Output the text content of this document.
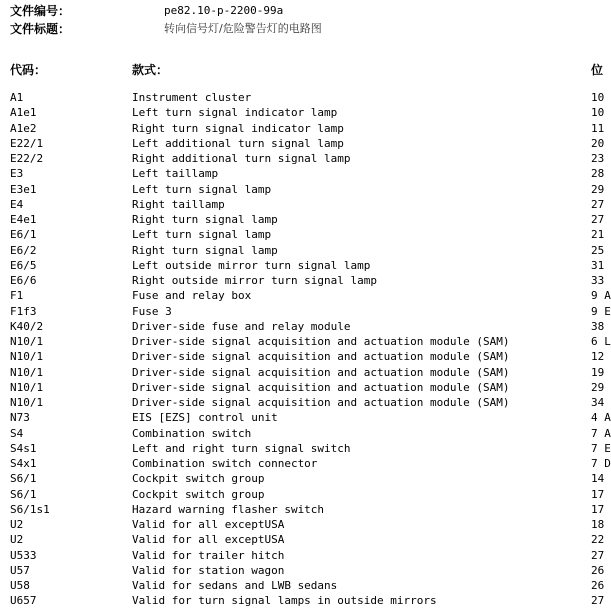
文件编号：	pe82.10-p-2200-99a
文件标题：	转向信号灯/危险警告灯的电路图
代码：	款式：	位
A1	Instrument cluster	10
A1e1	Left turn signal indicator lamp	10
A1e2	Right turn signal indicator lamp	11
E22/1	Left additional turn signal lamp	20
E22/2	Right additional turn signal lamp	23
E3	Left taillamp	28
E3e1	Left turn signal lamp	29
E4	Right taillamp	27
E4e1	Right turn signal lamp	27
E6/1	Left turn signal lamp	21
E6/2	Right turn signal lamp	25
E6/5	Left outside mirror turn signal lamp	31
E6/6	Right outside mirror turn signal lamp	33
F1	Fuse and relay box	9 A
F1f3	Fuse 3	9 E
K40/2	Driver-side fuse and relay module	38
N10/1	Driver-side signal acquisition and actuation module (SAM)	6 L
N10/1	Driver-side signal acquisition and actuation module (SAM)	12
N10/1	Driver-side signal acquisition and actuation module (SAM)	19
N10/1	Driver-side signal acquisition and actuation module (SAM)	29
N10/1	Driver-side signal acquisition and actuation module (SAM)	34
N73	EIS [EZS] control unit	4 A
S4	Combination switch	7 A
S4s1	Left and right turn signal switch	7 E
S4x1	Combination switch connector	7 D
S6/1	Cockpit switch group	14
S6/1	Cockpit switch group	17
S6/1s1	Hazard warning flasher switch	17
U2	Valid for all exceptUSA	18
U2	Valid for all exceptUSA	22
U533	Valid for trailer hitch	27
U57	Valid for station wagon	26
U58	Valid for sedans and LWB sedans	26
U657	Valid for turn signal lamps in outside mirrors	27
